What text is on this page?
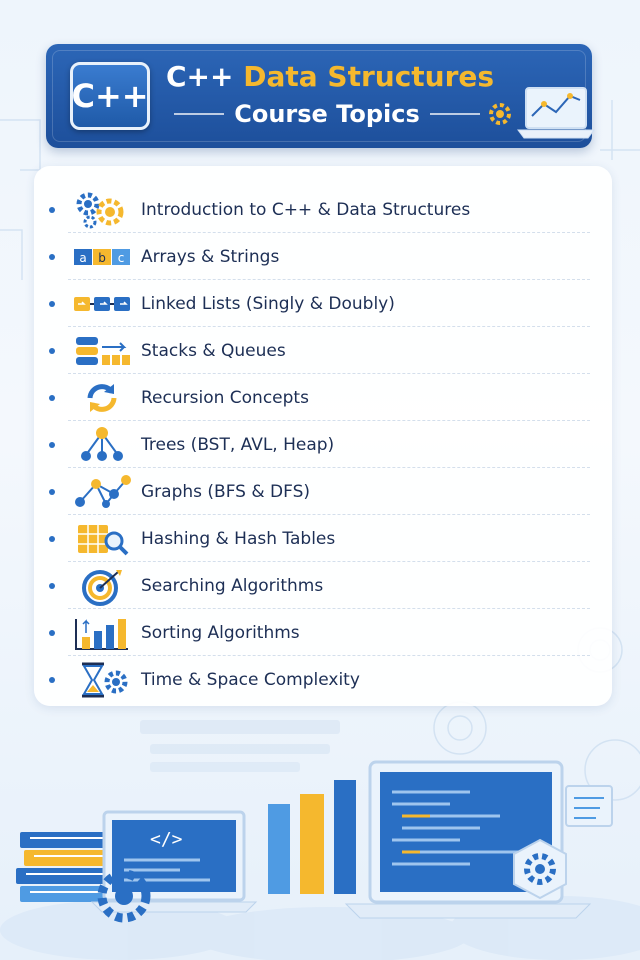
C++
C++ Data Structures
Course Topics
Introduction to C++ & Data Structures
a b c Arrays & Strings
Linked Lists (Singly & Doubly)
Stacks & Queues
Recursion Concepts
Trees (BST, AVL, Heap)
Graphs (BFS & DFS)
Hashing & Hash Tables
Searching Algorithms
Sorting Algorithms
Time & Space Complexity
</>
